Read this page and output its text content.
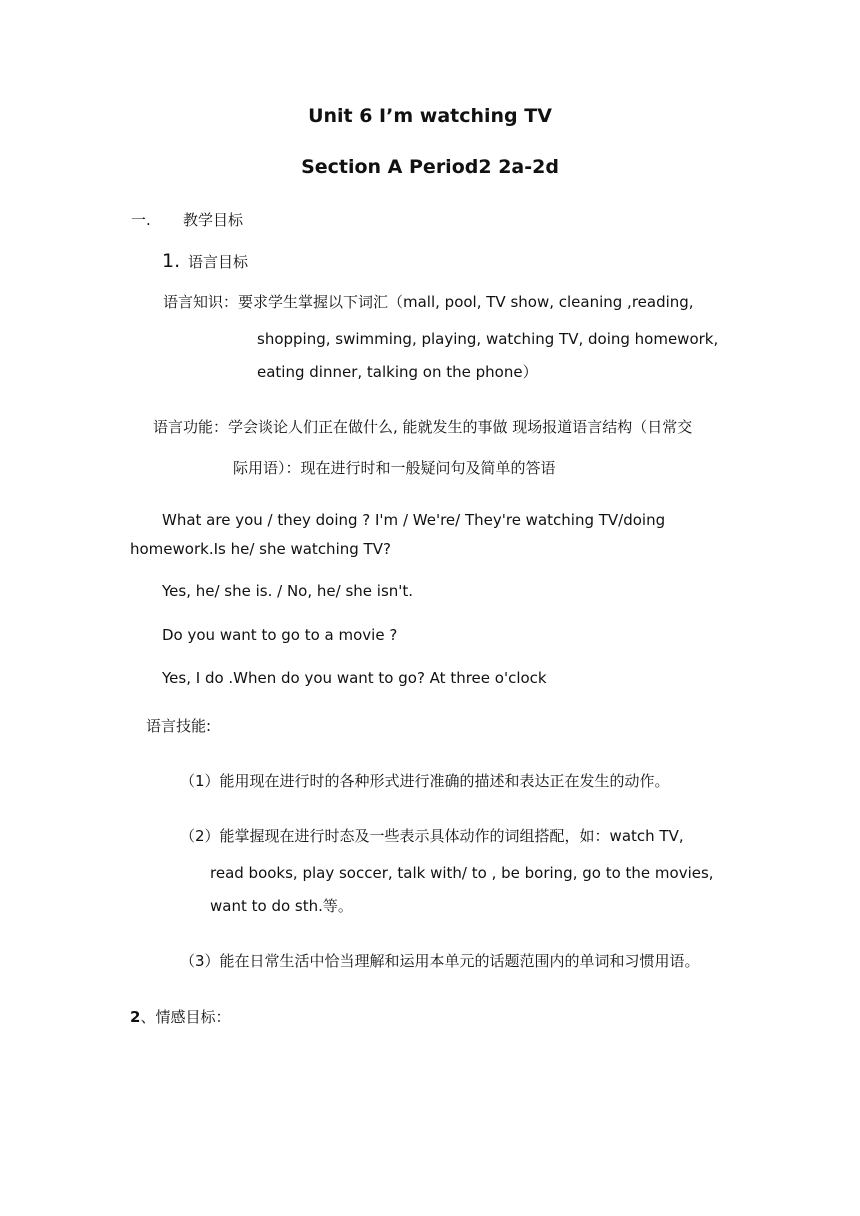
Unit 6 I’m watching TV
Section A Period2 2a-2d
一. 教学目标
1. 语言目标
语言知识：要求学生掌握以下词汇（mall, pool, TV show, cleaning ,reading,
shopping, swimming, playing, watching TV, doing homework,
eating dinner, talking on the phone）
语言功能：学会谈论人们正在做什么, 能就发生的事做 现场报道语言结构（日常交
际用语）：现在进行时和一般疑问句及简单的答语
What are you / they doing ? I'm / We're/ They're watching TV/doing
homework.Is he/ she watching TV?
Yes, he/ she is. / No, he/ she isn't.
Do you want to go to a movie ?
Yes, I do .When do you want to go? At three o'clock
语言技能:
（1）能用现在进行时的各种形式进行准确的描述和表达正在发生的动作。
（2）能掌握现在进行时态及一些表示具体动作的词组搭配，如：watch TV,
read books, play soccer, talk with/ to , be boring, go to the movies,
want to do sth.等。
（3）能在日常生活中恰当理解和运用本单元的话题范围内的单词和习惯用语。
2、情感目标：
